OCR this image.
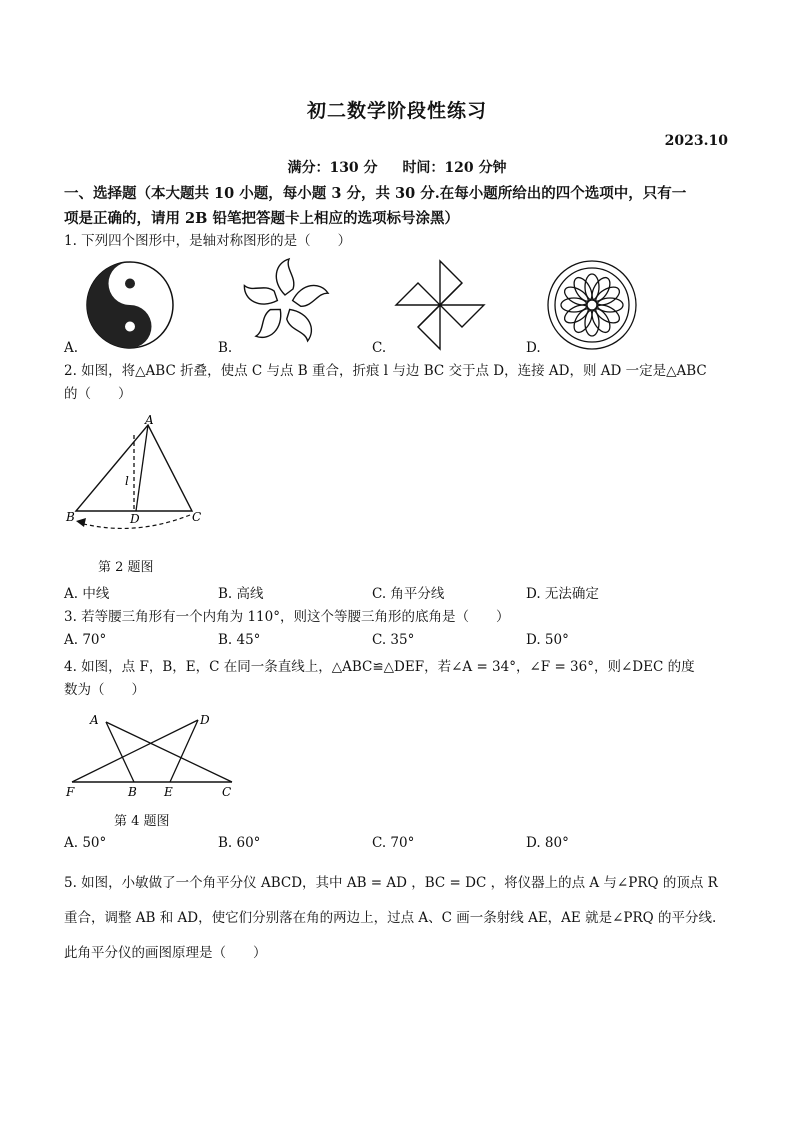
初二数学阶段性练习
2023.10
满分：130 分 时间：120 分钟
一、选择题（本大题共 10 小题，每小题 3 分，共 30 分.在每小题所给出的四个选项中，只有一
项是正确的，请用 2B 铅笔把答题卡上相应的选项标号涂黑）
1. 下列四个图形中，是轴对称图形的是（　　）
A.	B.	C.	D.
2. 如图，将△ABC 折叠，使点 C 与点 B 重合，折痕 l 与边 BC 交于点 D，连接 AD，则 AD 一定是△ABC
的（　　）
A
B	D	C
l
第 2 题图
A. 中线	B. 高线	C. 角平分线	D. 无法确定
3. 若等腰三角形有一个内角为 110°，则这个等腰三角形的底角是（　　）
A. 70°	B. 45°	C. 35°	D. 50°
4. 如图，点 F，B，E，C 在同一条直线上，△ABC≌△DEF，若∠A = 34°，∠F = 36°，则∠DEC 的度
数为（　　）
A	D
F	B E	C
第 4 题图
A. 50°	B. 60°	C. 70°	D. 80°
5. 如图，小敏做了一个角平分仪 ABCD，其中 AB = AD ，BC = DC ，将仪器上的点 A 与∠PRQ 的顶点 R
重合，调整 AB 和 AD，使它们分别落在角的两边上，过点 A、C 画一条射线 AE，AE 就是∠PRQ 的平分线.
此角平分仪的画图原理是（　　）
